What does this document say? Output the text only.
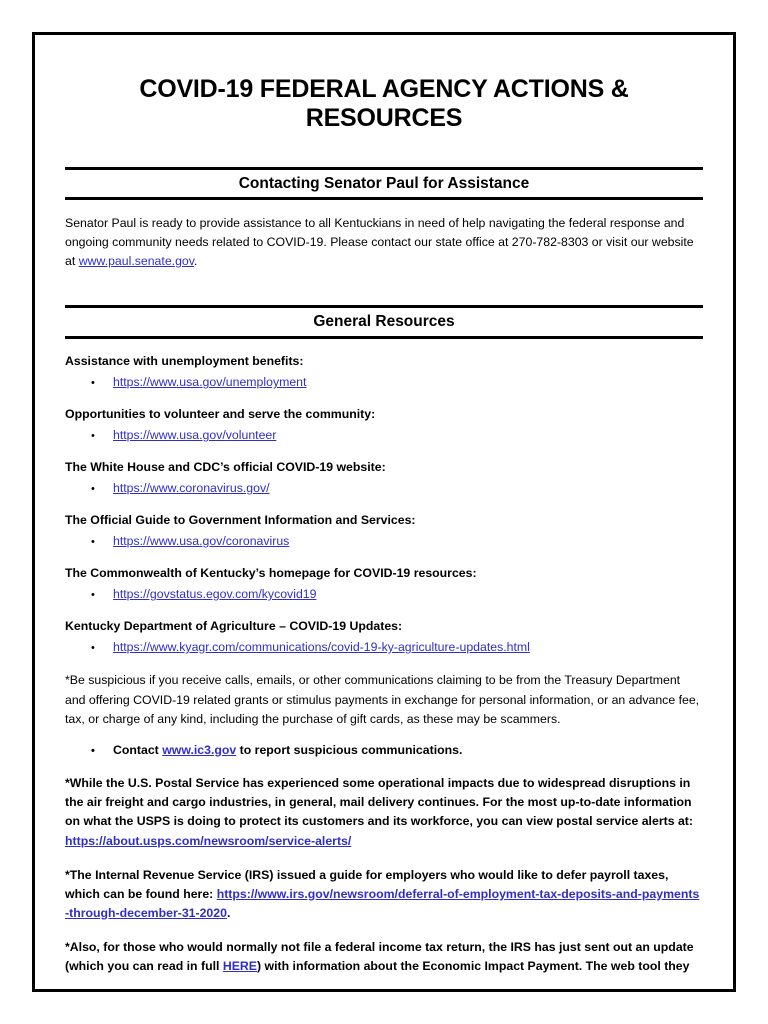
COVID-19 FEDERAL AGENCY ACTIONS & RESOURCES
Contacting Senator Paul for Assistance

Senator Paul is ready to provide assistance to all Kentuckians in need of help navigating the federal response and ongoing community needs related to COVID-19. Please contact our state office at 270-782-8303 or visit our website at www.paul.senate.gov.

General Resources
Assistance with unemployment benefits:
•	https://www.usa.gov/unemployment
Opportunities to volunteer and serve the community:
•	https://www.usa.gov/volunteer
The White House and CDC’s official COVID-19 website:
•	https://www.coronavirus.gov/
The Official Guide to Government Information and Services:
•	https://www.usa.gov/coronavirus
The Commonwealth of Kentucky’s homepage for COVID-19 resources:
•	https://govstatus.egov.com/kycovid19
Kentucky Department of Agriculture – COVID-19 Updates:
•	https://www.kyagr.com/communications/covid-19-ky-agriculture-updates.html

*Be suspicious if you receive calls, emails, or other communications claiming to be from the Treasury Department and offering COVID-19 related grants or stimulus payments in exchange for personal information, or an advance fee, tax, or charge of any kind, including the purchase of gift cards, as these may be scammers.

•	Contact www.ic3.gov to report suspicious communications.

*While the U.S. Postal Service has experienced some operational impacts due to widespread disruptions in the air freight and cargo industries, in general, mail delivery continues. For the most up-to-date information on what the USPS is doing to protect its customers and its workforce, you can view postal service alerts at: https://about.usps.com/newsroom/service-alerts/

*The Internal Revenue Service (IRS) issued a guide for employers who would like to defer payroll taxes, which can be found here: https://www.irs.gov/newsroom/deferral-of-employment-tax-deposits-and-payments-through-december-31-2020.

*Also, for those who would normally not file a federal income tax return, the IRS has just sent out an update (which you can read in full HERE) with information about the Economic Impact Payment. The web tool they
